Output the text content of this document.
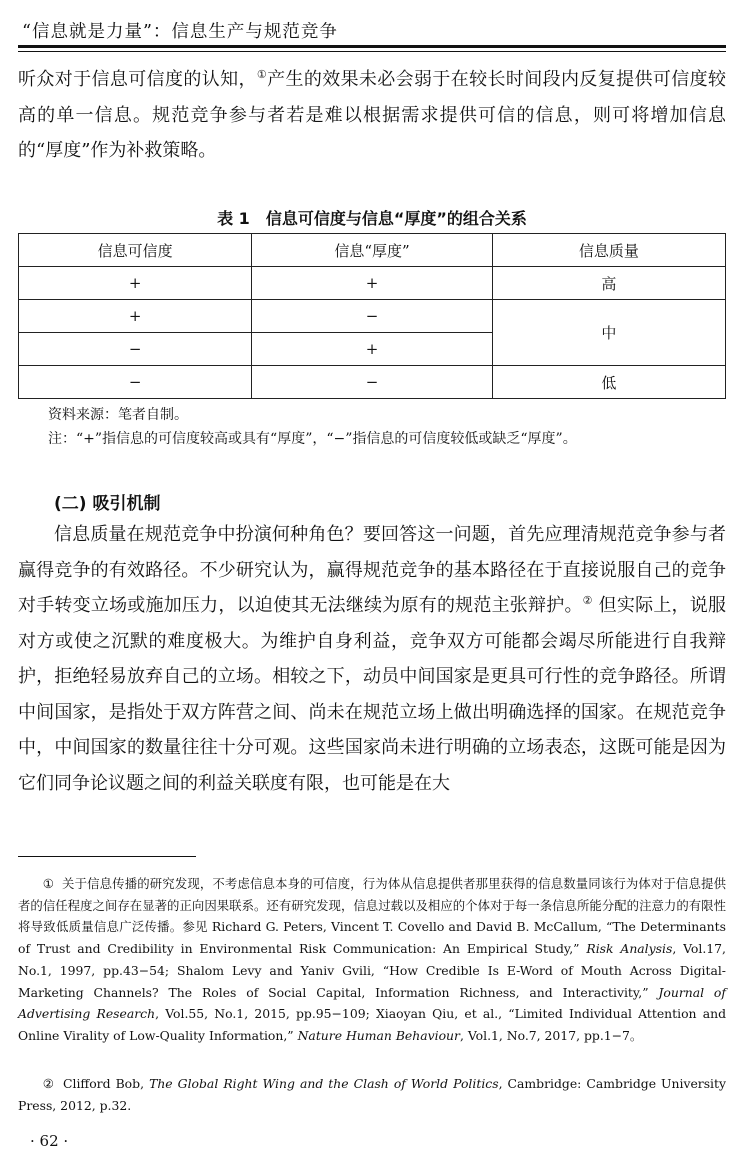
“信息就是力量”：信息生产与规范竞争

听众对于信息可信度的认知，①产生的效果未必会弱于在较长时间段内反复提供可信度较高的单一信息。规范竞争参与者若是难以根据需求提供可信的信息，则可将增加信息的“厚度”作为补救策略。

表 1 信息可信度与信息“厚度”的组合关系
信息可信度	信息“厚度”	信息质量
+	+	高
+	−	中
−	+	
−	−	低
资料来源：笔者自制。
注：“+”指信息的可信度较高或具有“厚度”，“−”指信息的可信度较低或缺乏“厚度”。
(二) 吸引机制

信息质量在规范竞争中扮演何种角色？要回答这一问题，首先应理清规范竞争参与者赢得竞争的有效路径。不少研究认为，赢得规范竞争的基本路径在于直接说服自己的竞争对手转变立场或施加压力，以迫使其无法继续为原有的规范主张辩护。② 但实际上，说服对方或使之沉默的难度极大。为维护自身利益，竞争双方可能都会竭尽所能进行自我辩护，拒绝轻易放弃自己的立场。相较之下，动员中间国家是更具可行性的竞争路径。所谓中间国家，是指处于双方阵营之间、尚未在规范立场上做出明确选择的国家。在规范竞争中，中间国家的数量往往十分可观。这些国家尚未进行明确的立场表态，这既可能是因为它们同争论议题之间的利益关联度有限，也可能是在大

① 关于信息传播的研究发现，不考虑信息本身的可信度，行为体从信息提供者那里获得的信息数量同该行为体对于信息提供者的信任程度之间存在显著的正向因果联系。还有研究发现，信息过载以及相应的个体对于每一条信息所能分配的注意力的有限性将导致低质量信息广泛传播。参见 Richard G. Peters, Vincent T. Covello and David B. McCallum, “The Determinants of Trust and Credibility in Environmental Risk Communication: An Empirical Study,” Risk Analysis, Vol.17, No.1, 1997, pp.43−54; Shalom Levy and Yaniv Gvili, “How Credible Is E-Word of Mouth Across Digital-Marketing Channels? The Roles of Social Capital, Information Richness, and Interactivity,” Journal of Advertising Research, Vol.55, No.1, 2015, pp.95−109; Xiaoyan Qiu, et al., “Limited Individual Attention and Online Virality of Low-Quality Information,” Nature Human Behaviour, Vol.1, No.7, 2017, pp.1−7。

② Clifford Bob, The Global Right Wing and the Clash of World Politics, Cambridge: Cambridge University Press, 2012, p.32.

· 62 ·
